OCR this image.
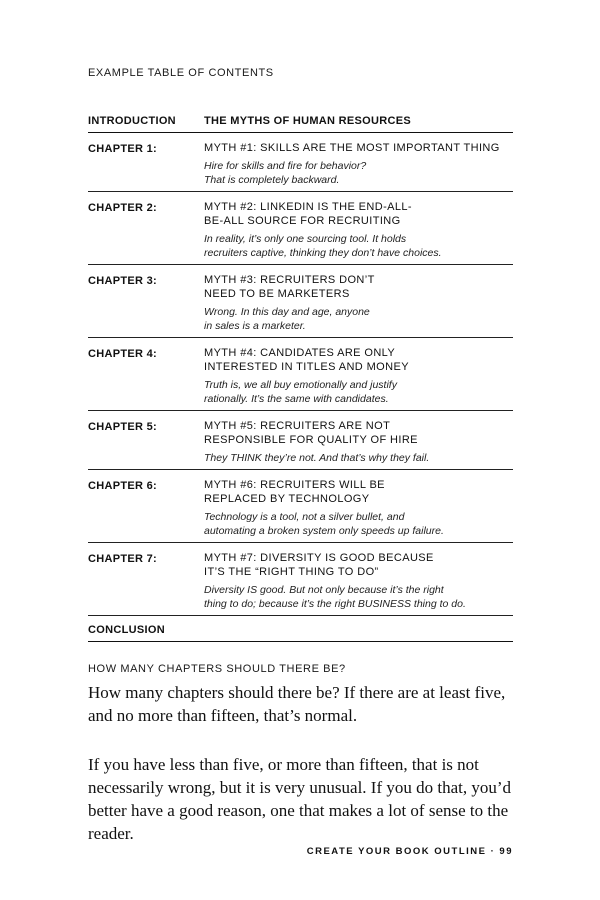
EXAMPLE TABLE OF CONTENTS
INTRODUCTION	THE MYTHS OF HUMAN RESOURCES
CHAPTER 1:	MYTH #1: SKILLS ARE THE MOST IMPORTANT THING
Hire for skills and fire for behavior?
That is completely backward.
CHAPTER 2:	MYTH #2: LINKEDIN IS THE END-ALL-
BE-ALL SOURCE FOR RECRUITING
In reality, it’s only one sourcing tool. It holds
recruiters captive, thinking they don’t have choices.
CHAPTER 3:	MYTH #3: RECRUITERS DON’T
NEED TO BE MARKETERS
Wrong. In this day and age, anyone
in sales is a marketer.
CHAPTER 4:	MYTH #4: CANDIDATES ARE ONLY
INTERESTED IN TITLES AND MONEY
Truth is, we all buy emotionally and justify
rationally. It’s the same with candidates.
CHAPTER 5:	MYTH #5: RECRUITERS ARE NOT
RESPONSIBLE FOR QUALITY OF HIRE
They THINK they’re not. And that’s why they fail.
CHAPTER 6:	MYTH #6: RECRUITERS WILL BE
REPLACED BY TECHNOLOGY
Technology is a tool, not a silver bullet, and
automating a broken system only speeds up failure.
CHAPTER 7:	MYTH #7: DIVERSITY IS GOOD BECAUSE
IT’S THE “RIGHT THING TO DO”
Diversity IS good. But not only because it’s the right
thing to do; because it’s the right BUSINESS thing to do.
CONCLUSION
HOW MANY CHAPTERS SHOULD THERE BE?

How many chapters should there be? If there are at least five, and no more than fifteen, that’s normal.

If you have less than five, or more than fifteen, that is not necessarily wrong, but it is very unusual. If you do that, you’d better have a good reason, one that makes a lot of sense to the reader.

CREATE YOUR BOOK OUTLINE · 99
